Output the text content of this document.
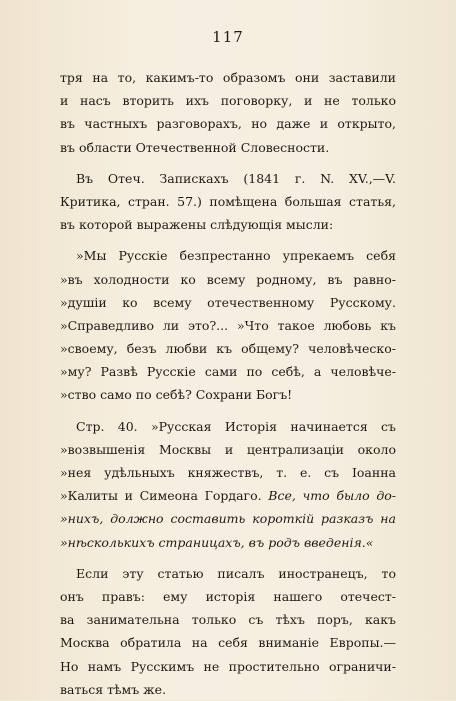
117
тря на то, какимъ-то образомъ они заставили
и насъ вторить ихъ поговорку, и не только
въ частныхъ разговорахъ, но даже и открыто,
въ области Отечественной Словесности.
Въ Отеч. Запискахъ (1841 г. N. XV.,—V.
Критика, стран. 57.) помѣщена большая статья,
въ которой выражены слѣдующія мысли:
»Мы Русскіе безпрестанно упрекаемъ себя
»въ холодности ко всему родному, въ равно-
»душіи ко всему отечественному Русскому.
»Справедливо ли это?... »Что такое любовь къ
»своему, безъ любви къ общему? человѣческо-
»му? Развѣ Русскіе сами по себѣ, а человѣче-
»ство само по себѣ? Сохрани Богъ!
Стр. 40. »Русская Исторія начинается съ
»возвышенія Москвы и централизаціи около
»нея удѣльныхъ княжествъ, т. е. съ Іоанна
»Калиты и Симеона Гордаго. Все, что было до-
»нихъ, должно составить короткій разказъ на
»нѣсколькихъ страницахъ, въ родъ введенія.«
Если эту статью писалъ иностранецъ, то
онъ правъ: ему исторія нашего отечест-
ва занимательна только съ тѣхъ поръ, какъ
Москва обратила на себя вниманіе Европы.—
Но намъ Русскимъ не простительно ограничи-
ваться тѣмъ же.
